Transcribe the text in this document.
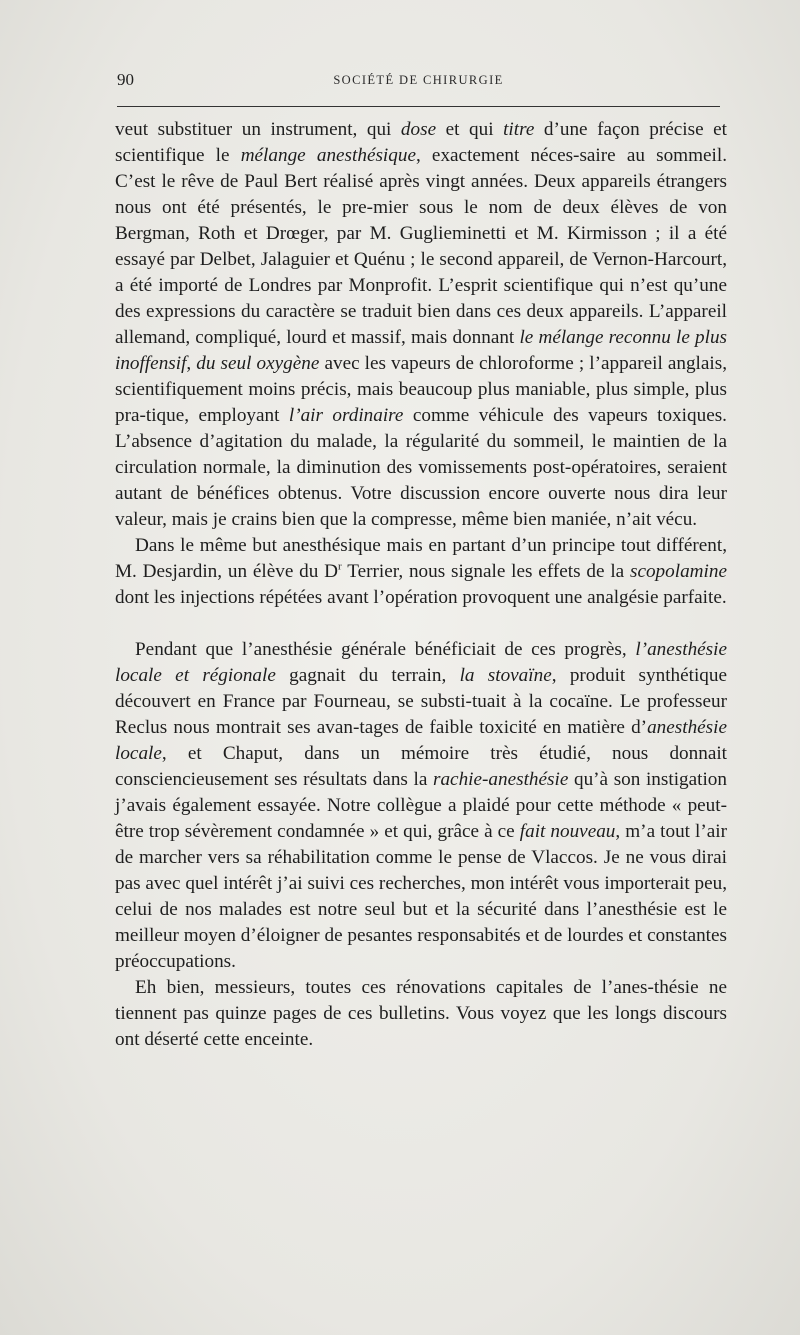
90	SOCIÉTÉ DE CHIRURGIE

veut substituer un instrument, qui dose et qui titre d’une façon précise et scientifique le mélange anesthésique, exactement néces-saire au sommeil. C’est le rêve de Paul Bert réalisé après vingt années. Deux appareils étrangers nous ont été présentés, le pre-mier sous le nom de deux élèves de von Bergman, Roth et Drœger, par M. Gugliеminetti et M. Kirmisson ; il a été essayé par Delbet, Jalaguier et Quénu ; le second appareil, de Vernon-Harcourt, a été importé de Londres par Monprofit. L’esprit scientifique qui n’est qu’une des expressions du caractère se traduit bien dans ces deux appareils. L’appareil allemand, compliqué, lourd et massif, mais donnant le mélange reconnu le plus inoffensif, du seul oxygène avec les vapeurs de chloroforme ; l’appareil anglais, scientifiquement moins précis, mais beaucoup plus maniable, plus simple, plus pra-tique, employant l’air ordinaire comme véhicule des vapeurs toxiques. L’absence d’agitation du malade, la régularité du sommeil, le maintien de la circulation normale, la diminution des vomissements post-opératoires, seraient autant de bénéfices obtenus. Votre discussion encore ouverte nous dira leur valeur, mais je crains bien que la compresse, même bien maniée, n’ait vécu.

Dans le même but anesthésique mais en partant d’un principe tout différent, M. Desjardin, un élève du $D^r$ Terrier, nous signale les effets de la scopolamine dont les injections répétées avant l’opération provoquent une analgésie parfaite.

Pendant que l’anesthésie générale bénéficiait de ces progrès, l’anesthésie locale et régionale gagnait du terrain, la stovaïne, produit synthétique découvert en France par Fourneau, se substi-tuait à la cocaïne. Le professeur Reclus nous montrait ses avan-tages de faible toxicité en matière d’anesthésie locale, et Chaput, dans un mémoire très étudié, nous donnait consciencieusement ses résultats dans la rachie-anesthésie qu’à son instigation j’avais également essayée. Notre collègue a plaidé pour cette méthode « peut-être trop sévèrement condamnée » et qui, grâce à ce fait nouveau, m’a tout l’air de marcher vers sa réhabilitation comme le pense de Vlaccos. Je ne vous dirai pas avec quel intérêt j’ai suivi ces recherches, mon intérêt vous importerait peu, celui de nos malades est notre seul but et la sécurité dans l’anesthésie est le meilleur moyen d’éloigner de pesantes responsabités et de lourdes et constantes préoccupations.

Eh bien, messieurs, toutes ces rénovations capitales de l’anes-thésie ne tiennent pas quinze pages de ces bulletins. Vous voyez que les longs discours ont déserté cette enceinte.
